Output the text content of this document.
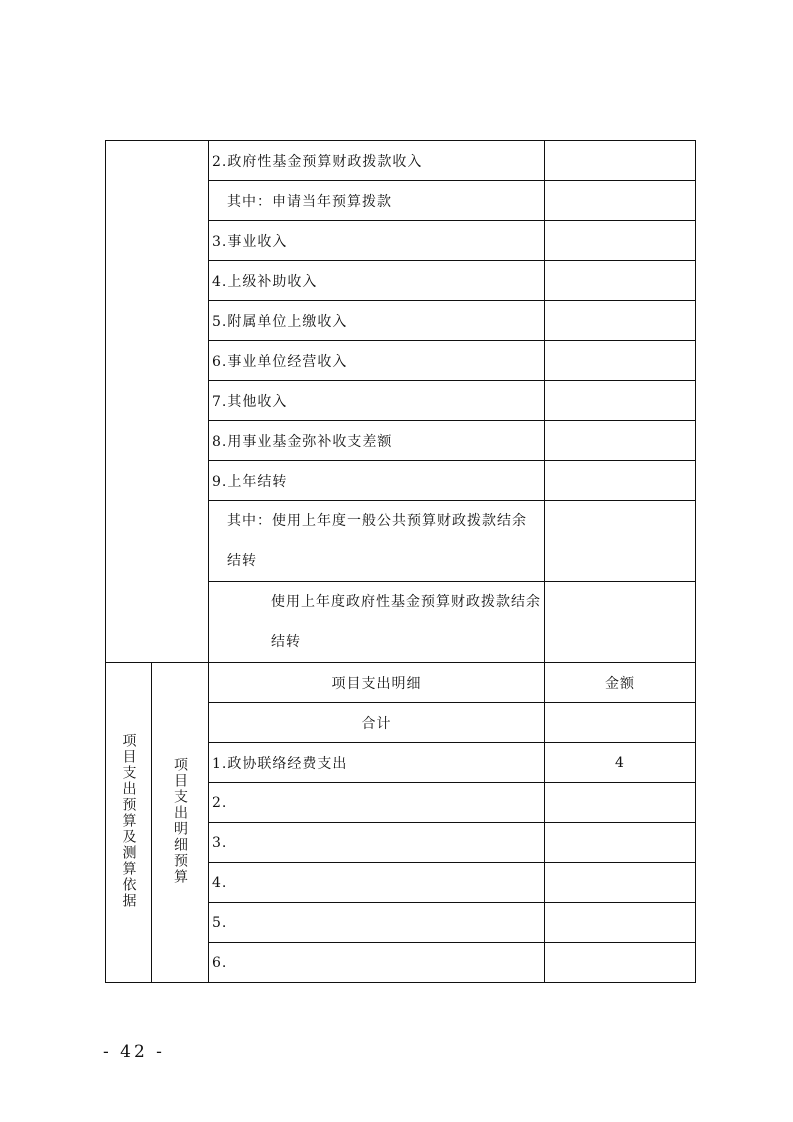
		2.政府性基金预算财政拨款收入	
		其中：申请当年预算拨款	
		3.事业收入	
		4.上级补助收入	
		5.附属单位上缴收入	
		6.事业单位经营收入	
		7.其他收入	
		8.用事业基金弥补收支差额	
		9.上年结转	
		其中：使用上年度一般公共预算财政拨款结余结转	
		使用上年度政府性基金预算财政拨款结余结转	
项目支出预算及测算依据	项目支出明细预算	项目支出明细	金额
		合计	
		1.政协联络经费支出	4
		2.	
		3.	
		4.	
		5.	
		6.	
- 42 -
